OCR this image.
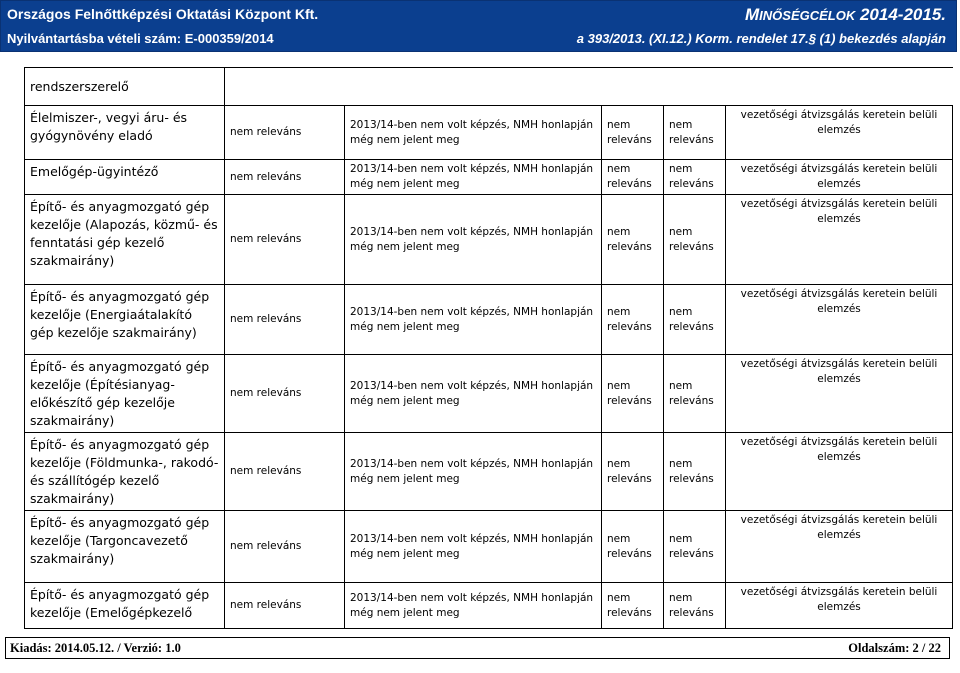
Országos Felnőttképzési Oktatási Központ Kft.
Nyilvántartásba vételi szám: E-000359/2014
MINŐSÉGCÉLOK 2014-2015.
a 393/2013. (XI.12.) Korm. rendelet 17.§ (1) bekezdés alapján
rendszerszerelő					
Élelmiszer-, vegyi áru- és gyógynövény eladó	nem releváns	2013/14-ben nem volt képzés, NMH honlapján még nem jelent meg	nem releváns	nem releváns	vezetőségi átvizsgálás keretein belüli elemzés
Emelőgép-ügyintéző	nem releváns	2013/14-ben nem volt képzés, NMH honlapján még nem jelent meg	nem releváns	nem releváns	vezetőségi átvizsgálás keretein belüli elemzés
Építő- és anyagmozgató gép kezelője (Alapozás, közmű- és fenntatási gép kezelő szakmairány)	nem releváns	2013/14-ben nem volt képzés, NMH honlapján még nem jelent meg	nem releváns	nem releváns	vezetőségi átvizsgálás keretein belüli elemzés
Építő- és anyagmozgató gép kezelője (Energiaátalakító gép kezelője szakmairány)	nem releváns	2013/14-ben nem volt képzés, NMH honlapján még nem jelent meg	nem releváns	nem releváns	vezetőségi átvizsgálás keretein belüli elemzés
Építő- és anyagmozgató gép kezelője (Építésianyag-előkészítő gép kezelője szakmairány)	nem releváns	2013/14-ben nem volt képzés, NMH honlapján még nem jelent meg	nem releváns	nem releváns	vezetőségi átvizsgálás keretein belüli elemzés
Építő- és anyagmozgató gép kezelője (Földmunka-, rakodó- és szállítógép kezelő szakmairány)	nem releváns	2013/14-ben nem volt képzés, NMH honlapján még nem jelent meg	nem releváns	nem releváns	vezetőségi átvizsgálás keretein belüli elemzés
Építő- és anyagmozgató gép kezelője (Targoncavezető szakmairány)	nem releváns	2013/14-ben nem volt képzés, NMH honlapján még nem jelent meg	nem releváns	nem releváns	vezetőségi átvizsgálás keretein belüli elemzés
Építő- és anyagmozgató gép kezelője (Emelőgépkezelő	nem releváns	2013/14-ben nem volt képzés, NMH honlapján még nem jelent meg	nem releváns	nem releváns	vezetőségi átvizsgálás keretein belüli elemzés
Kiadás: 2014.05.12. / Verzió: 1.0	Oldalszám: 2 / 22
